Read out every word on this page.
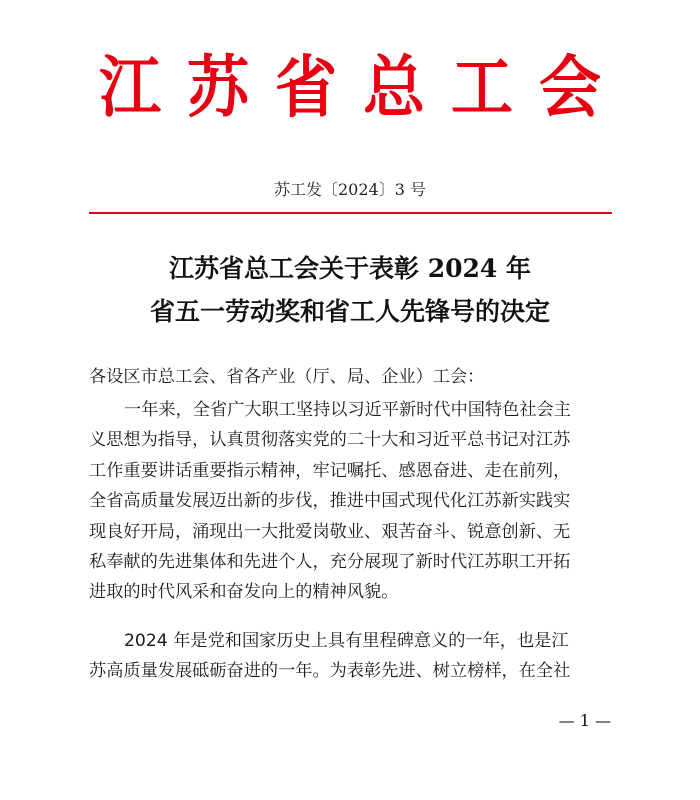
江苏省总工会
苏工发〔2024〕3 号
江苏省总工会关于表彰 2024 年
省五一劳动奖和省工人先锋号的决定
各设区市总工会、省各产业（厅、局、企业）工会：
一年来，全省广大职工坚持以习近平新时代中国特色社会主
义思想为指导，认真贯彻落实党的二十大和习近平总书记对江苏
工作重要讲话重要指示精神，牢记嘱托、感恩奋进、走在前列，
全省高质量发展迈出新的步伐，推进中国式现代化江苏新实践实
现良好开局，涌现出一大批爱岗敬业、艰苦奋斗、锐意创新、无
私奉献的先进集体和先进个人，充分展现了新时代江苏职工开拓
进取的时代风采和奋发向上的精神风貌。
2024 年是党和国家历史上具有里程碑意义的一年，也是江
苏高质量发展砥砺奋进的一年。为表彰先进、树立榜样，在全社
— 1 —
